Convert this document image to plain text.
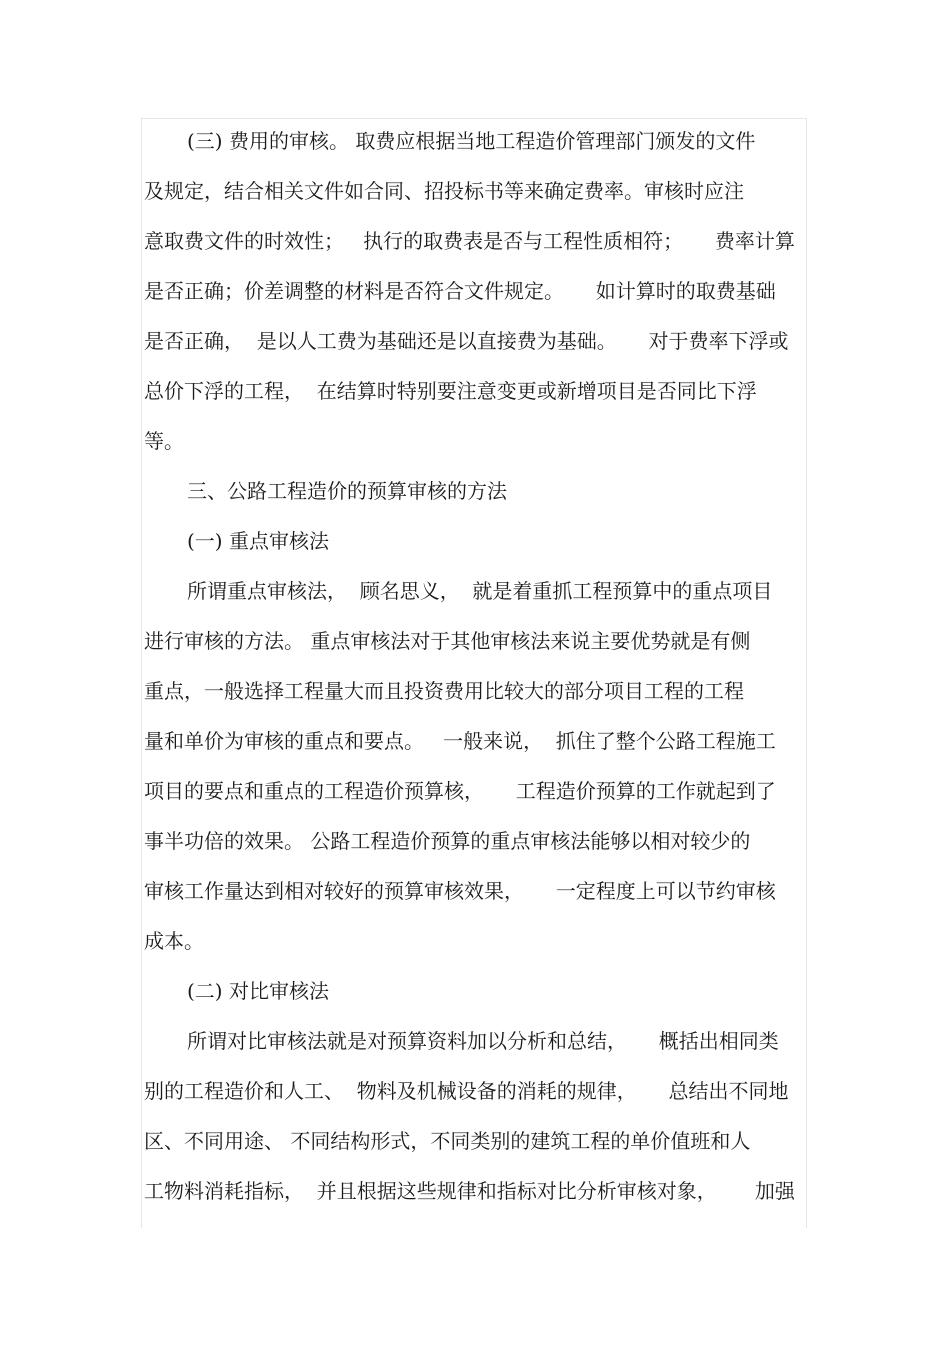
(三) 费用的审核。 取费应根据当地工程造价管理部门颁发的文件
及规定，结合相关文件如合同、招投标书等来确定费率。审核时应注
意取费文件的时效性；   执行的取费表是否与工程性质相符；     费率计算
是否正确；价差调整的材料是否符合文件规定。     如计算时的取费基础
是否正确，  是以人工费为基础还是以直接费为基础。     对于费率下浮或
总价下浮的工程，  在结算时特别要注意变更或新增项目是否同比下浮
等。
三、公路工程造价的预算审核的方法
(一) 重点审核法
所谓重点审核法，  顾名思义，  就是着重抓工程预算中的重点项目
进行审核的方法。 重点审核法对于其他审核法来说主要优势就是有侧
重点，一般选择工程量大而且投资费用比较大的部分项目工程的工程
量和单价为审核的重点和要点。   一般来说，  抓住了整个公路工程施工
项目的要点和重点的工程造价预算核，     工程造价预算的工作就起到了
事半功倍的效果。 公路工程造价预算的重点审核法能够以相对较少的
审核工作量达到相对较好的预算审核效果，     一定程度上可以节约审核
成本。
(二) 对比审核法
所谓对比审核法就是对预算资料加以分析和总结，     概括出相同类
别的工程造价和人工、  物料及机械设备的消耗的规律，     总结出不同地
区、不同用途、 不同结构形式，不同类别的建筑工程的单价值班和人
工物料消耗指标，  并且根据这些规律和指标对比分析审核对象，      加强
